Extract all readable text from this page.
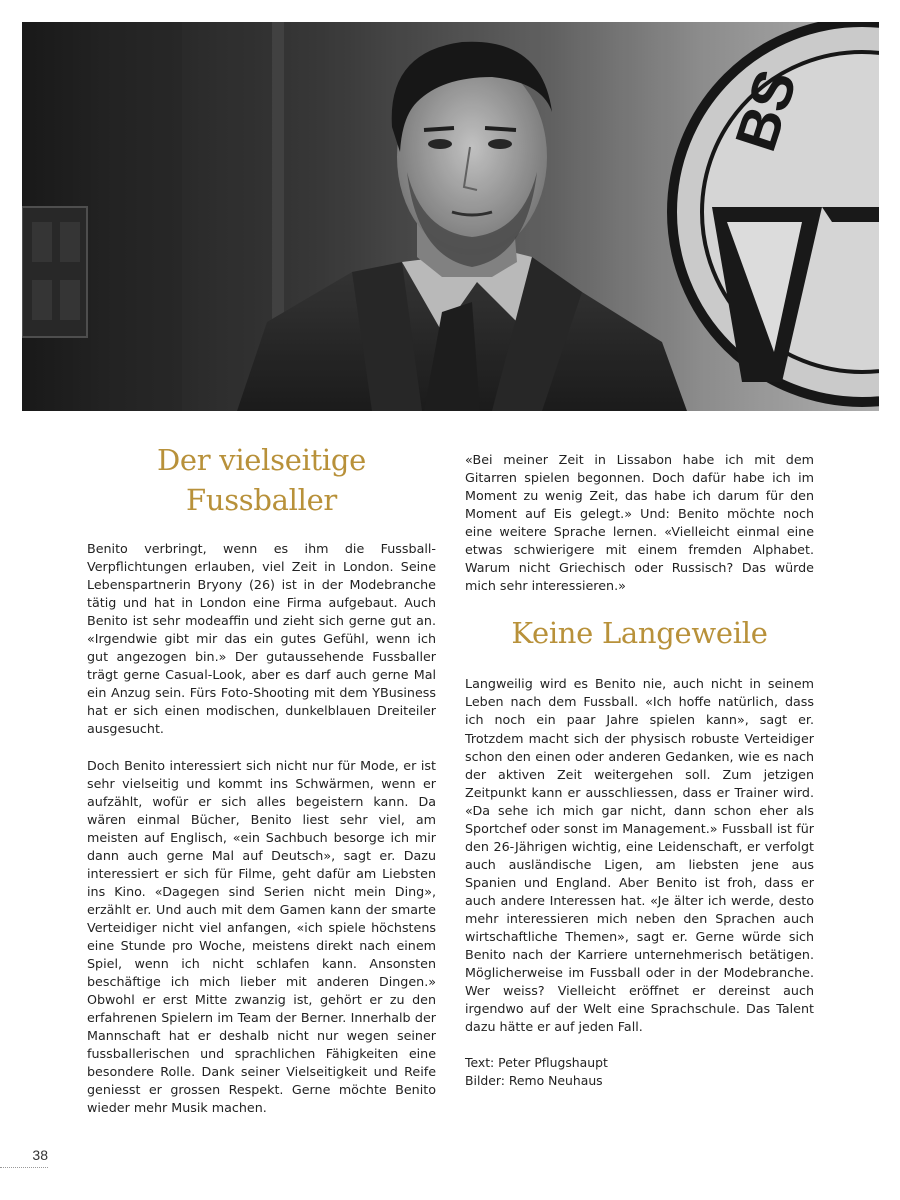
BS
Der vielseitige
Fussballer

Benito verbringt, wenn es ihm die Fussball-Verpflichtungen erlauben, viel Zeit in London. Seine Lebenspartnerin Bryony (26) ist in der Modebranche tätig und hat in London eine Firma aufgebaut. Auch Benito ist sehr modeaffin und zieht sich gerne gut an. «Irgendwie gibt mir das ein gutes Gefühl, wenn ich gut angezogen bin.» Der gutaussehende Fussballer trägt gerne Casual-Look, aber es darf auch gerne Mal ein Anzug sein. Fürs Foto-Shooting mit dem YBusiness hat er sich einen modischen, dunkelblauen Dreiteiler ausgesucht.

Doch Benito interessiert sich nicht nur für Mode, er ist sehr vielseitig und kommt ins Schwärmen, wenn er aufzählt, wofür er sich alles begeistern kann. Da wären einmal Bücher, Benito liest sehr viel, am meisten auf Englisch, «ein Sachbuch besorge ich mir dann auch gerne Mal auf Deutsch», sagt er. Dazu interessiert er sich für Filme, geht dafür am Liebsten ins Kino. «Dagegen sind Serien nicht mein Ding», erzählt er. Und auch mit dem Gamen kann der smarte Verteidiger nicht viel anfangen, «ich spiele höchstens eine Stunde pro Woche, meistens direkt nach einem Spiel, wenn ich nicht schlafen kann. Ansonsten beschäftige ich mich lieber mit anderen Dingen.» Obwohl er erst Mitte zwanzig ist, gehört er zu den erfahrenen Spielern im Team der Berner. Innerhalb der Mannschaft hat er deshalb nicht nur wegen seiner fussballerischen und sprachlichen Fähigkeiten eine besondere Rolle. Dank seiner Vielseitigkeit und Reife geniesst er grossen Respekt. Gerne möchte Benito wieder mehr Musik machen.

«Bei meiner Zeit in Lissabon habe ich mit dem Gitarren spielen begonnen. Doch dafür habe ich im Moment zu wenig Zeit, das habe ich darum für den Moment auf Eis gelegt.» Und: Benito möchte noch eine weitere Sprache lernen. «Vielleicht einmal eine etwas schwierigere mit einem fremden Alphabet. Warum nicht Griechisch oder Russisch? Das würde mich sehr interessieren.»

Keine Langeweile

Langweilig wird es Benito nie, auch nicht in seinem Leben nach dem Fussball. «Ich hoffe natürlich, dass ich noch ein paar Jahre spielen kann», sagt er. Trotzdem macht sich der physisch robuste Verteidiger schon den einen oder anderen Gedanken, wie es nach der aktiven Zeit weitergehen soll. Zum jetzigen Zeitpunkt kann er ausschliessen, dass er Trainer wird. «Da sehe ich mich gar nicht, dann schon eher als Sportchef oder sonst im Management.» Fussball ist für den 26-Jährigen wichtig, eine Leidenschaft, er verfolgt auch ausländische Ligen, am liebsten jene aus Spanien und England. Aber Benito ist froh, dass er auch andere Interessen hat. «Je älter ich werde, desto mehr interessieren mich neben den Sprachen auch wirtschaftliche Themen», sagt er. Gerne würde sich Benito nach der Karriere unternehmerisch betätigen. Möglicherweise im Fussball oder in der Modebranche. Wer weiss? Vielleicht eröffnet er dereinst auch irgendwo auf der Welt eine Sprachschule. Das Talent dazu hätte er auf jeden Fall.

Text: Peter Pflugshaupt
Bilder: Remo Neuhaus
38
